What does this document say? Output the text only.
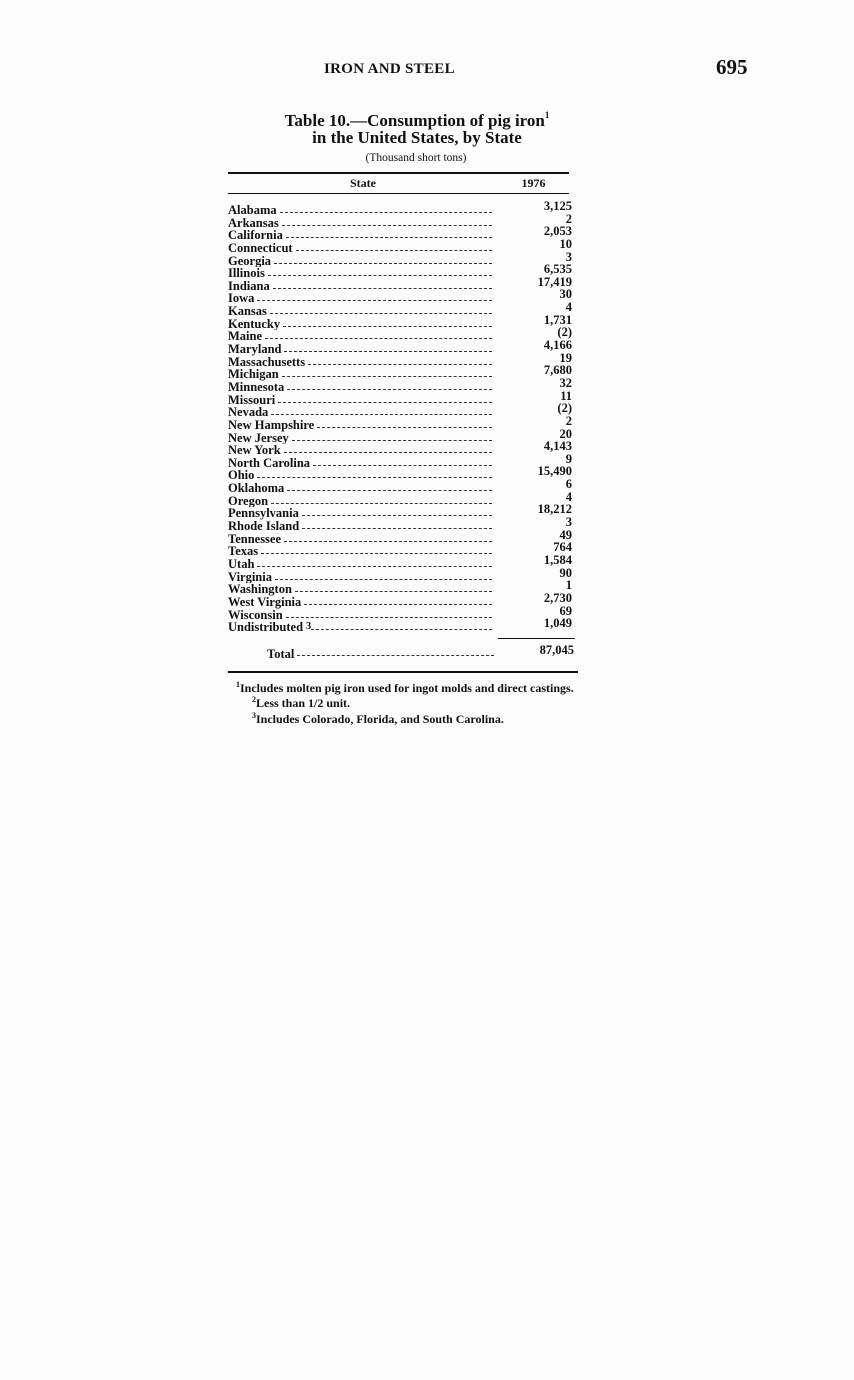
IRON AND STEEL	695
Table 10.—Consumption of pig iron$^1$
in the United States, by State
(Thousand short tons)
State	1976
Alabama	3,125
Arkansas	2
California	2,053
Connecticut	10
Georgia	3
Illinois	6,535
Indiana	17,419
Iowa	30
Kansas	4
Kentucky	1,731
Maine	(2)
Maryland	4,166
Massachusetts	19
Michigan	7,680
Minnesota	32
Missouri	11
Nevada	(2)
New Hampshire	2
New Jersey	20
New York	4,143
North Carolina	9
Ohio	15,490
Oklahoma	6
Oregon	4
Pennsylvania	18,212
Rhode Island	3
Tennessee	49
Texas	764
Utah	1,584
Virginia	90
Washington	1
West Virginia	2,730
Wisconsin	69
Undistributed 3	1,049
Total	87,045
$^1$Includes molten pig iron used for ingot molds and direct castings.
$^2$Less than 1/2 unit.
$^3$Includes Colorado, Florida, and South Carolina.
